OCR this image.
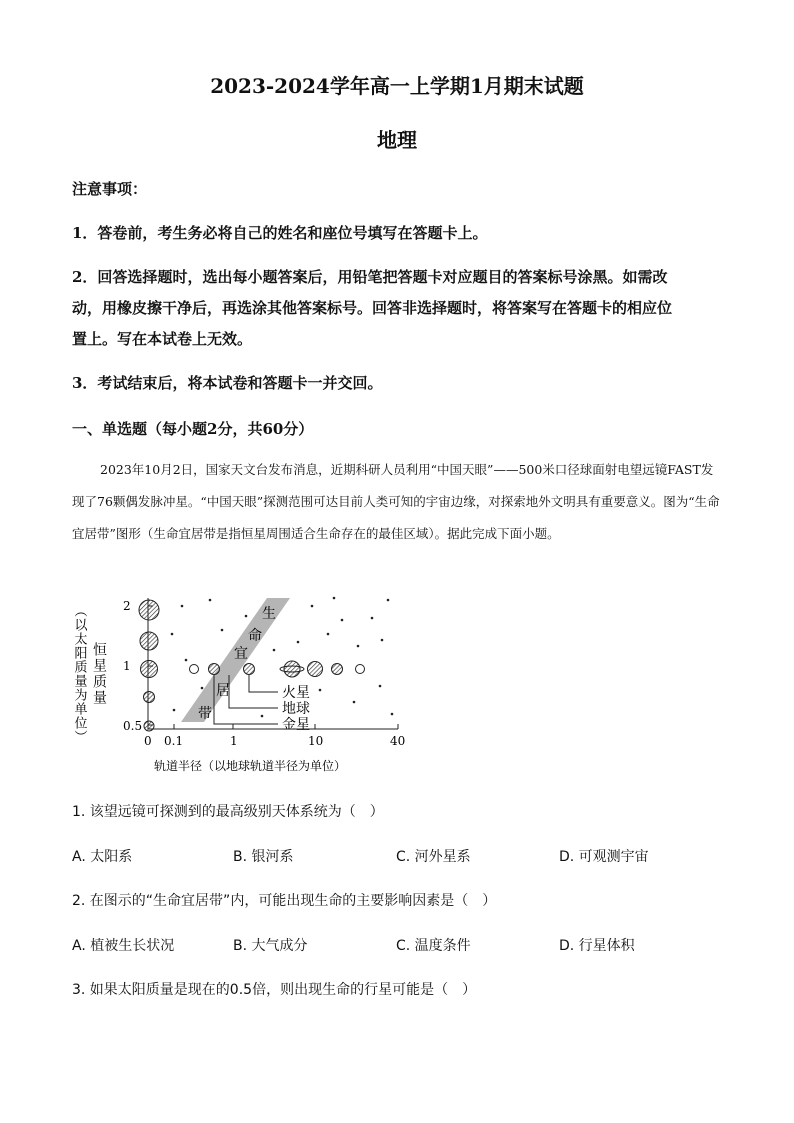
2023-2024学年高一上学期1月期末试题
地理
注意事项：
1．答卷前，考生务必将自己的姓名和座位号填写在答题卡上。
2．回答选择题时，选出每小题答案后，用铅笔把答题卡对应题目的答案标号涂黑。如需改
动，用橡皮擦干净后，再选涂其他答案标号。回答非选择题时，将答案写在答题卡的相应位
置上。写在本试卷上无效。
3．考试结束后，将本试卷和答题卡一并交回。
一、单选题（每小题2分，共60分）
2023年10月2日，国家天文台发布消息，近期科研人员利用“中国天眼”——500米口径球面射电望远镜FAST发现了76颗偶发脉冲星。“中国天眼”探测范围可达目前人类可知的宇宙边缘，对探索地外文明具有重要意义。图为“生命宜居带”图形（生命宜居带是指恒星周围适合生命存在的最佳区域）。据此完成下面小题。
2
1
0.5
0 0.1	1	10	40
轨道半径（以地球轨道半径为单位）
（以太阳质量为单位） 恒星质量
生
命
宜
居
带
火星
地球
金星
1. 该望远镜可探测到的最高级别天体系统为（　）
A. 太阳系	B. 银河系	C. 河外星系	D. 可观测宇宙
2. 在图示的“生命宜居带”内，可能出现生命的主要影响因素是（　）
A. 植被生长状况	B. 大气成分	C. 温度条件	D. 行星体积
3. 如果太阳质量是现在的0.5倍，则出现生命的行星可能是（　）
